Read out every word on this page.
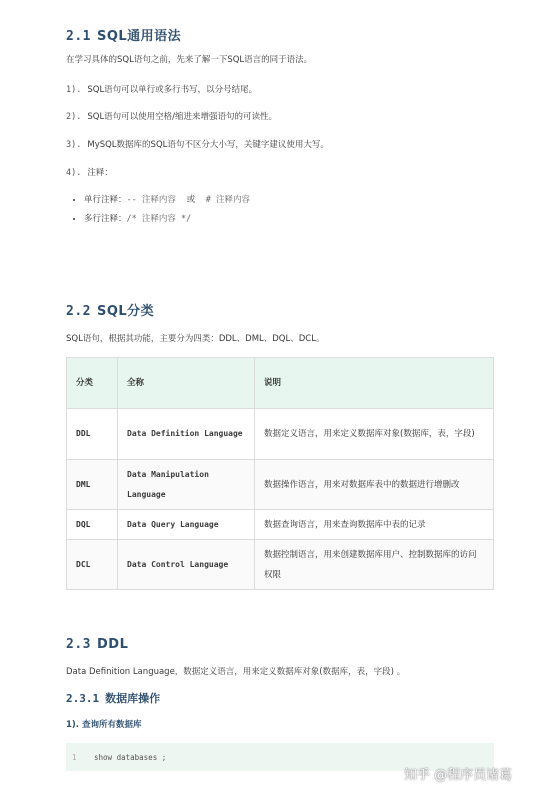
2.1 SQL通用语法
在学习具体的SQL语句之前，先来了解一下SQL语言的同于语法。
1). SQL语句可以单行或多行书写，以分号结尾。
2). SQL语句可以使用空格/缩进来增强语句的可读性。
3). MySQL数据库的SQL语句不区分大小写，关键字建议使用大写。
4). 注释：
• 单行注释：-- 注释内容 或 # 注释内容
• 多行注释：/* 注释内容 */
2.2 SQL分类
SQL语句，根据其功能，主要分为四类：DDL、DML、DQL、DCL。
分类	全称	说明
DDL	Data Definition Language	数据定义语言，用来定义数据库对象(数据库，表，字段)
DML	Data Manipulation Language	数据操作语言，用来对数据库表中的数据进行增删改
DQL	Data Query Language	数据查询语言，用来查询数据库中表的记录
DCL	Data Control Language	数据控制语言，用来创建数据库用户、控制数据库的访问权限
2.3 DDL
Data Definition Language，数据定义语言，用来定义数据库对象(数据库，表，字段) 。
2.3.1 数据库操作
1). 查询所有数据库
1 show databases ;
知乎 @程序员诸葛
